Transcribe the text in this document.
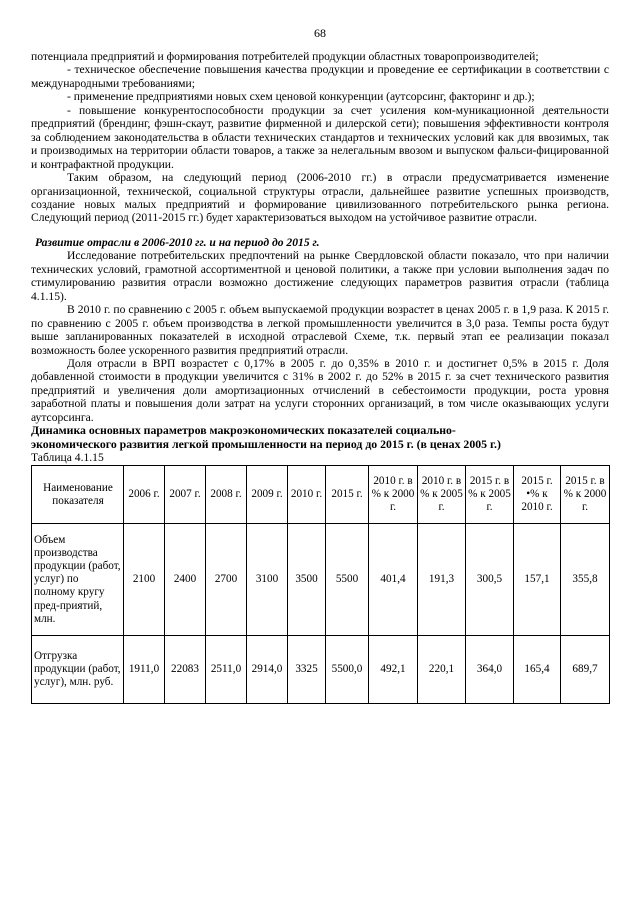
68

потенциала предприятий и формирования потребителей продукции областных товаропроизводителей;

- техническое обеспечение повышения качества продукции и проведение ее сертификации в соответствии с международными требованиями;

- применение предприятиями новых схем ценовой конкуренции (аутсорсинг, факторинг и др.);

- повышение конкурентоспособности продукции за счет усиления ком-муникационной деятельности предприятий (брендинг, фэшн-скаут, развитие фирменной и дилерской сети); повышения эффективности контроля за соблюдением законодательства в области технических стандартов и технических условий как для ввозимых, так и производимых на территории области товаров, а также за нелегальным ввозом и выпуском фальси-фицированной и контрафактной продукции.

Таким образом, на следующий период (2006-2010 гг.) в отрасли предусматривается изменение организационной, технической, социальной структуры отрасли, дальнейшее развитие успешных производств, создание новых малых предприятий и формирование цивилизованного потребительского рынка региона. Следующий период (2011-2015 гг.) будет характеризоваться выходом на устойчивое развитие отрасли.

Развитие отрасли в 2006-2010 гг. и на период до 2015 г.

Исследование потребительских предпочтений на рынке Свердловской области показало, что при наличии технических условий, грамотной ассортиментной и ценовой политики, а также при условии выполнения задач по стимулированию развития отрасли возможно достижение следующих параметров развития отрасли (таблица 4.1.15).

В 2010 г. по сравнению с 2005 г. объем выпускаемой продукции возрастет в ценах 2005 г. в 1,9 раза. К 2015 г. по сравнению с 2005 г. объем производства в легкой промышленности увеличится в 3,0 раза. Темпы роста будут выше запланированных показателей в исходной отраслевой Схеме, т.к. первый этап ее реализации показал возможность более ускоренного развития предприятий отрасли.

Доля отрасли в ВРП возрастет с 0,17% в 2005 г. до 0,35% в 2010 г. и достигнет 0,5% в 2015 г. Доля добавленной стоимости в продукции увеличится с 31% в 2002 г. до 52% в 2015 г. за счет технического развития предприятий и увеличения доли амортизационных отчислений в себестоимости продукции, роста уровня заработной платы и повышения доли затрат на услуги сторонних организаций, в том числе оказывающих услуги аутсорсинга.

Динамика основных параметров макроэкономических показателей социально-
экономического развития легкой промышленности на период до 2015 г. (в ценах 2005 г.)

Таблица 4.1.15

Наименование показателя	2006 г.	2007 г.	2008 г.	2009 г.	2010 г.	2015 г.	2010 г. в % к 2000 г.	2010 г. в % к 2005 г.	2015 г. в % к 2005 г.	2015 г. •% к 2010 г.	2015 г. в % к 2000 г.
Объем производства продукции (работ, услуг) по полному кругу пред-приятий, млн.	2100	2400	2700	3100	3500	5500	401,4	191,3	300,5	157,1	355,8
Отгрузка продукции (работ, услуг), млн. руб.	1911,0	22083	2511,0	2914,0	3325	5500,0	492,1	220,1	364,0	165,4	689,7
